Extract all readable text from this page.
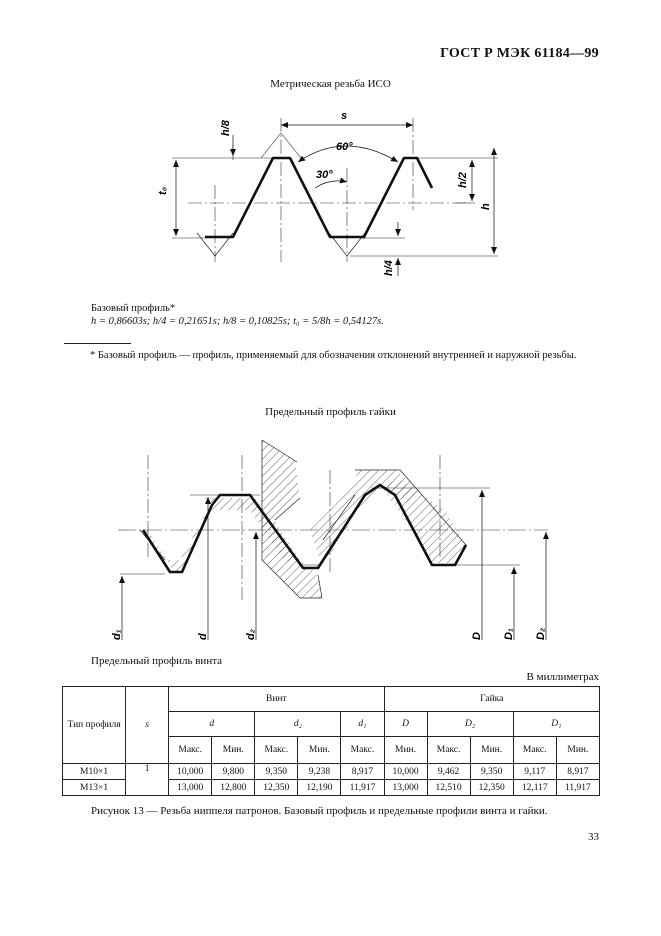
ГОСТ Р МЭК 61184—99
Метрическая резьба ИСО
s
60°
30°
t₀
h/8
h/2
h
h/4
d₁	d	d₂	D D₁ D₂
Базовый профиль*
h = 0,86603s; h/4 = 0,21651s; h/8 = 0,10825s; t₀ = 5/8h = 0,54127s.
* Базовый профиль — профиль, применяемый для обозначения отклонений внутренней и наружной резьбы.
Предельный профиль гайки
Предельный профиль винта
В миллиметрах
Тип профиля	s	Винт					Гайка				
		d		d₂		d₁	D	D₂		D₁	
		Макс.	Мин.	Макс.	Мин.	Макс.	Мин.	Макс.	Мин.	Макс.	Мин.
M10×1	1	10,000	9,800	9,350	9,238	8,917	10,000	9,462	9,350	9,117	8,917
M13×1		13,000	12,800	12,350	12,190	11,917	13,000	12,510	12,350	12,117	11,917
Рисунок 13 — Резьба ниппеля патронов. Базовый профиль и предельные профили винта и гайки.
33
